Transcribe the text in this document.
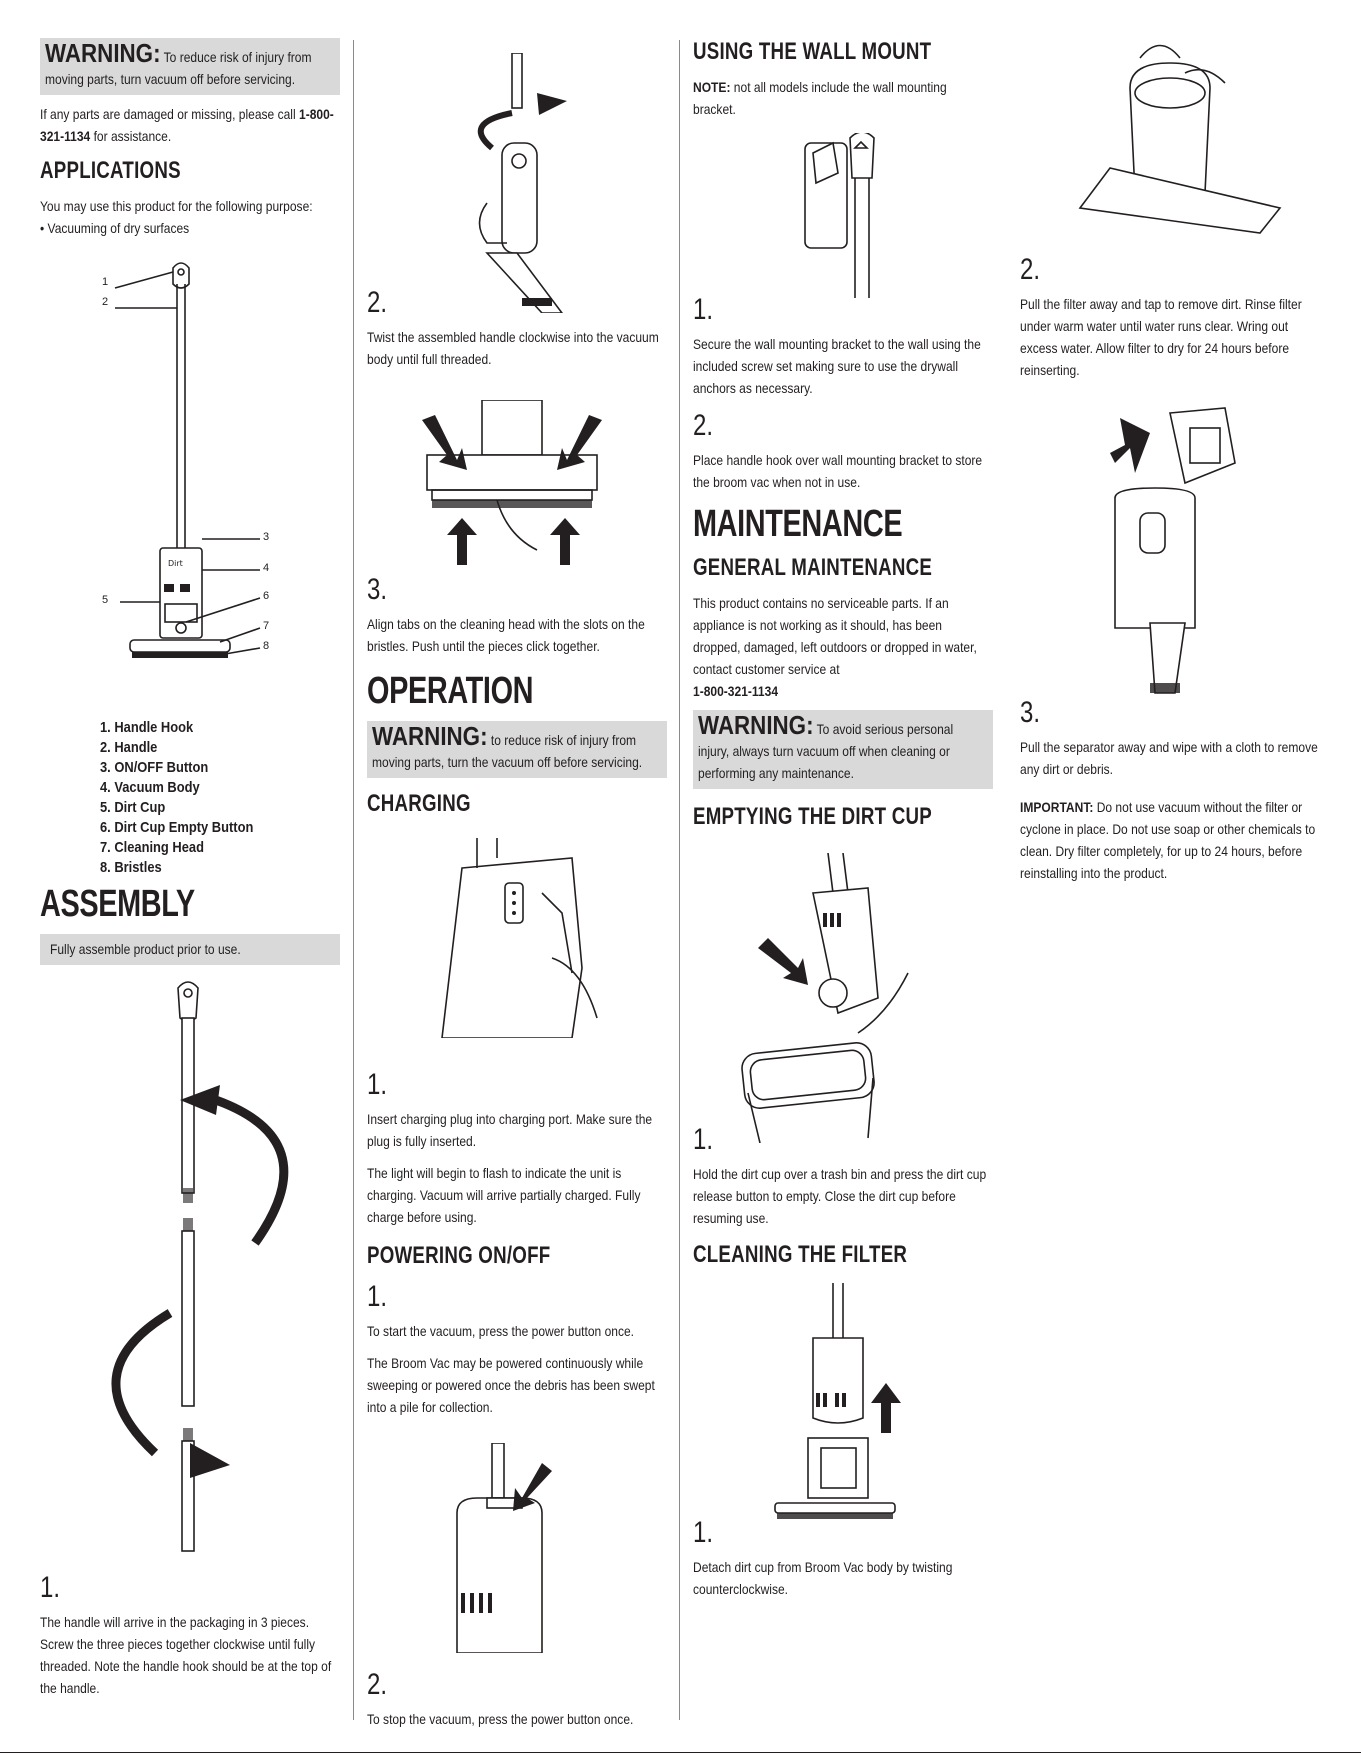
WARNING: To reduce risk of injury from moving parts, turn vacuum off before servicing.

If any parts are damaged or missing, please call 1-800-321-1134 for assistance.

APPLICATIONS

You may use this product for the following purpose:
• Vacuuming of dry surfaces

Dirt
1
2
3
4
5	6
7
8
1. Handle Hook
2. Handle
3. ON/OFF Button
4. Vacuum Body
5. Dirt Cup
6. Dirt Cup Empty Button
7. Cleaning Head
8. Bristles
ASSEMBLY

Fully assemble product prior to use.

1.

The handle will arrive in the packaging in 3 pieces. Screw the three pieces together clockwise until fully threaded. Note the handle hook should be at the top of the handle.

2.

Twist the assembled handle clockwise into the vacuum body until full threaded.

3.

Align tabs on the cleaning head with the slots on the bristles. Push until the pieces click together.

OPERATION

WARNING: to reduce risk of injury from moving parts, turn the vacuum off before servicing.

CHARGING
1.

Insert charging plug into charging port. Make sure the plug is fully inserted.

The light will begin to flash to indicate the unit is charging. Vacuum will arrive partially charged. Fully charge before using.

POWERING ON/OFF
1.

To start the vacuum, press the power button once.

The Broom Vac may be powered continuously while sweeping or powered once the debris has been swept into a pile for collection.

2.

To stop the vacuum, press the power button once.

USING THE WALL MOUNT

NOTE: not all models include the wall mounting bracket.

1.

Secure the wall mounting bracket to the wall using the included screw set making sure to use the drywall anchors as necessary.

2.

Place handle hook over wall mounting bracket to store the broom vac when not in use.

MAINTENANCE
GENERAL MAINTENANCE

This product contains no serviceable parts. If an appliance is not working as it should, has been dropped, damaged, left outdoors or dropped in water, contact customer service at
1-800-321-1134

WARNING: To avoid serious personal injury, always turn vacuum off when cleaning or performing any maintenance.

EMPTYING THE DIRT CUP
1.

Hold the dirt cup over a trash bin and press the dirt cup release button to empty. Close the dirt cup before resuming use.

CLEANING THE FILTER
1.

Detach dirt cup from Broom Vac body by twisting counterclockwise.

2.

Pull the filter away and tap to remove dirt. Rinse filter under warm water until water runs clear. Wring out excess water. Allow filter to dry for 24 hours before reinserting.

3.

Pull the separator away and wipe with a cloth to remove any dirt or debris.

IMPORTANT: Do not use vacuum without the filter or cyclone in place. Do not use soap or other chemicals to clean. Dry filter completely, for up to 24 hours, before reinstalling into the product.
